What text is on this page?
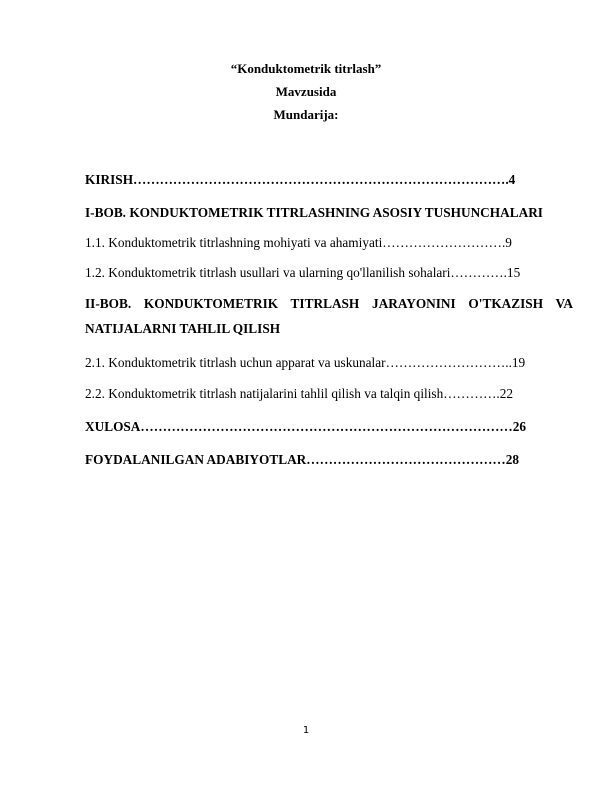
“Konduktometrik titrlash”
Mavzusida
Mundarija:
KIRISH………………………………………………………………………….4
I-BOB. KONDUKTOMETRIK TITRLASHNING ASOSIY TUSHUNCHALARI
1.1. Konduktometrik titrlashning mohiyati va ahamiyati……………………….9
1.2. Konduktometrik titrlash usullari va ularning qo'llanilish sohalari………….15
II-BOB. KONDUKTOMETRIK TITRLASH JARAYONINI O'TKAZISH VA NATIJALARNI TAHLIL QILISH
2.1. Konduktometrik titrlash uchun apparat va uskunalar………………………..19
2.2. Konduktometrik titrlash natijalarini tahlil qilish va talqin qilish………….22
XULOSA…………………………………………………………………………26
FOYDALANILGAN ADABIYOTLAR………………………………………28
1
